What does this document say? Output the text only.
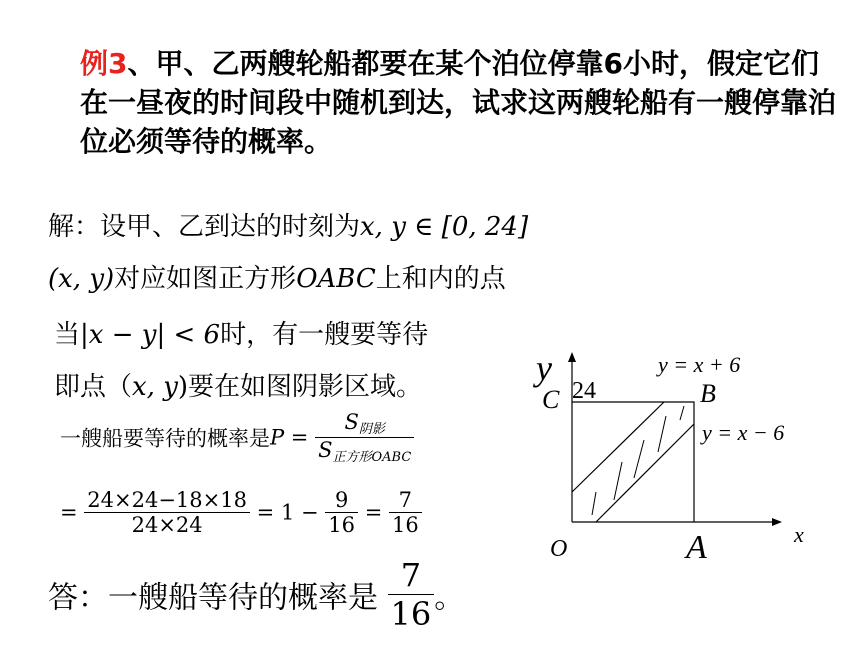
例3、甲、乙两艘轮船都要在某个泊位停靠6小时，假定它们在一昼夜的时间段中随机到达，试求这两艘轮船有一艘停靠泊位必须等待的概率。
解：设甲、乙到达的时刻为x, y ∈ [0, 24]
(x, y)对应如图正方形OABC上和内的点
当|x − y| < 6时，有一艘要等待
即点（x, y)要在如图阴影区域。
一艘船要等待的概率是$P = \frac{S_{阴影}}{S_{正方形OABC}}$
= $\frac{24\times 24-18\times 18}{24\times 24} = 1 - \frac{9}{16} = \frac{7}{16}$
答：一艘船等待的概率是 $\frac{7}{16}$ 。
y
x
O	A
B
C 24
y = x + 6
y = x − 6
